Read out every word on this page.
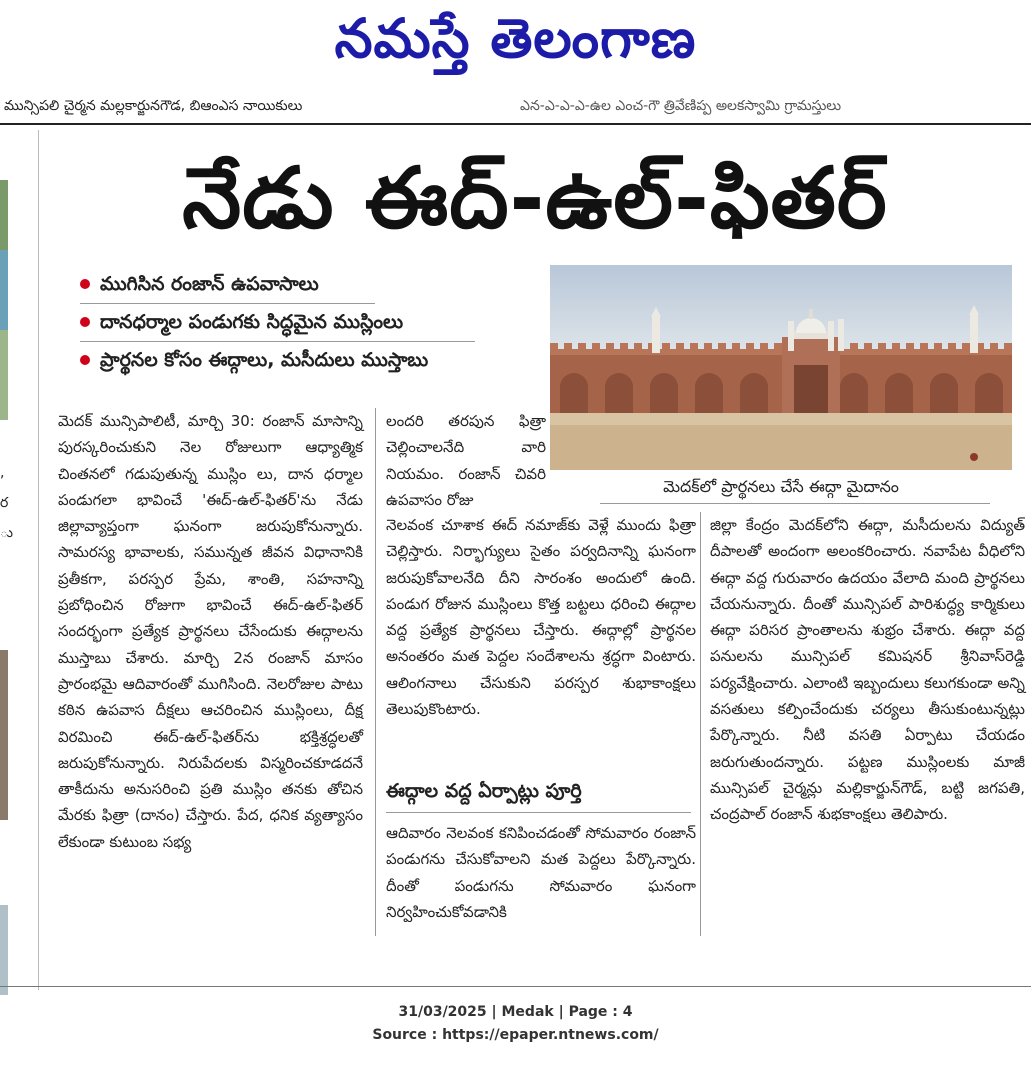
నమస్తే తెలంగాణ
మున్సిపలి చైర్మన మల్లకార్జునగౌడ, బిఆంఎస నాయికులు	ఎన-ఎ-ఎ-ఎ-ఉల ఎంచ-గౌ త్రివేణిప్ప అలకస్వామి గ్రామస్తులు
,
ర
ు
నేడు ఈద్-ఉల్-ఫితర్
ముగిసిన రంజాన్ ఉపవాసాలు
దానధర్మాల పండుగకు సిద్ధమైన ముస్లింలు
ప్రార్థనల కోసం ఈద్గాలు, మసీదులు ముస్తాబు
మెదక్‌లో ప్రార్థనలు చేసే ఈద్గా మైదానం

మెదక్ మున్సిపాలిటీ, మార్చి 30: రంజాన్ మాసాన్ని పురస్కరించుకుని నెల రోజులుగా ఆధ్యాత్మిక చింతనలో గడుపుతున్న ముస్లిం లు, దాన ధర్మాల పండుగలా భావించే 'ఈద్-ఉల్-ఫితర్'ను నేడు జిల్లావ్యాప్తంగా ఘనంగా జరుపుకోనున్నారు. సామరస్య భావాలకు, సమున్నత జీవన విధానానికి ప్రతీకగా, పరస్పర ప్రేమ, శాంతి, సహనాన్ని ప్రబోధించిన రోజుగా భావించే ఈద్-ఉల్-ఫితర్ సందర్భంగా ప్రత్యేక ప్రార్థనలు చేసేందుకు ఈద్గాలను ముస్తాబు చేశారు. మార్చి 2న రంజాన్ మాసం ప్రారంభమై ఆదివారంతో ముగిసింది. నెలరోజుల పాటు కఠిన ఉపవాస దీక్షలు ఆచరించిన ముస్లింలు, దీక్ష విరమించి ఈద్-ఉల్-ఫితర్‌ను భక్తిశ్రద్ధలతో జరుపుకోనున్నారు. నిరుపేదలకు విస్మరించకూడదనే తాకీదును అనుసరించి ప్రతి ముస్లిం తనకు తోచిన మేరకు ఫిత్రా (దానం) చేస్తారు. పేద, ధనిక వ్యత్యాసం లేకుండా కుటుంబ సభ్య

లందరి తరపున ఫిత్రా చెల్లించాలనేది వారి నియమం. రంజాన్ చివరి ఉపవాసం రోజు

నెలవంక చూశాక ఈద్ నమాజ్‌కు వెళ్లే ముందు ఫిత్రా చెల్లిస్తారు. నిర్భాగ్యులు సైతం పర్వదినాన్ని ఘనంగా జరుపుకోవాలనేది దీని సారంశం అందులో ఉంది. పండుగ రోజున ముస్లింలు కొత్త బట్టలు ధరించి ఈద్గాల వద్ద ప్రత్యేక ప్రార్థనలు చేస్తారు. ఈద్గాల్లో ప్రార్థనల అనంతరం మత పెద్దల సందేశాలను శ్రద్ధగా వింటారు. ఆలింగనాలు చేసుకుని పరస్పర శుభాకాంక్షలు తెలుపుకొంటారు.

ఈద్గాల వద్ద ఏర్పాట్లు పూర్తి

ఆదివారం నెలవంక కనిపించడంతో సోమవారం రంజాన్ పండుగను చేసుకోవాలని మత పెద్దలు పేర్కొన్నారు. దీంతో పండుగను సోమవారం ఘనంగా నిర్వహించుకోవడానికి

జిల్లా కేంద్రం మెదక్‌లోని ఈద్గా, మసీదులను విద్యుత్ దీపాలతో అందంగా అలంకరించారు. నవాపేట వీధిలోని ఈద్గా వద్ద గురువారం ఉదయం వేలాది మంది ప్రార్థనలు చేయనున్నారు. దీంతో మున్సిపల్ పారిశుద్ధ్య కార్మికులు ఈద్గా పరిసర ప్రాంతాలను శుభ్రం చేశారు. ఈద్గా వద్ద పనులను మున్సిపల్ కమిషనర్ శ్రీనివాస్‌రెడ్డి పర్యవేక్షించారు. ఎలాంటి ఇబ్బందులు కలుగకుండా అన్ని వసతులు కల్పించేందుకు చర్యలు తీసుకుంటున్నట్లు పేర్కొన్నారు. నీటి వసతి ఏర్పాటు చేయడం జరుగుతుందన్నారు. పట్టణ ముస్లింలకు మాజీ మున్సిపల్ చైర్మన్లు మల్లికార్జున్‌గౌడ్, బట్టి జగపతి, చంద్రపాల్ రంజాన్ శుభకాంక్షలు తెలిపారు.

31/03/2025 | Medak | Page : 4
Source : https://epaper.ntnews.com/
